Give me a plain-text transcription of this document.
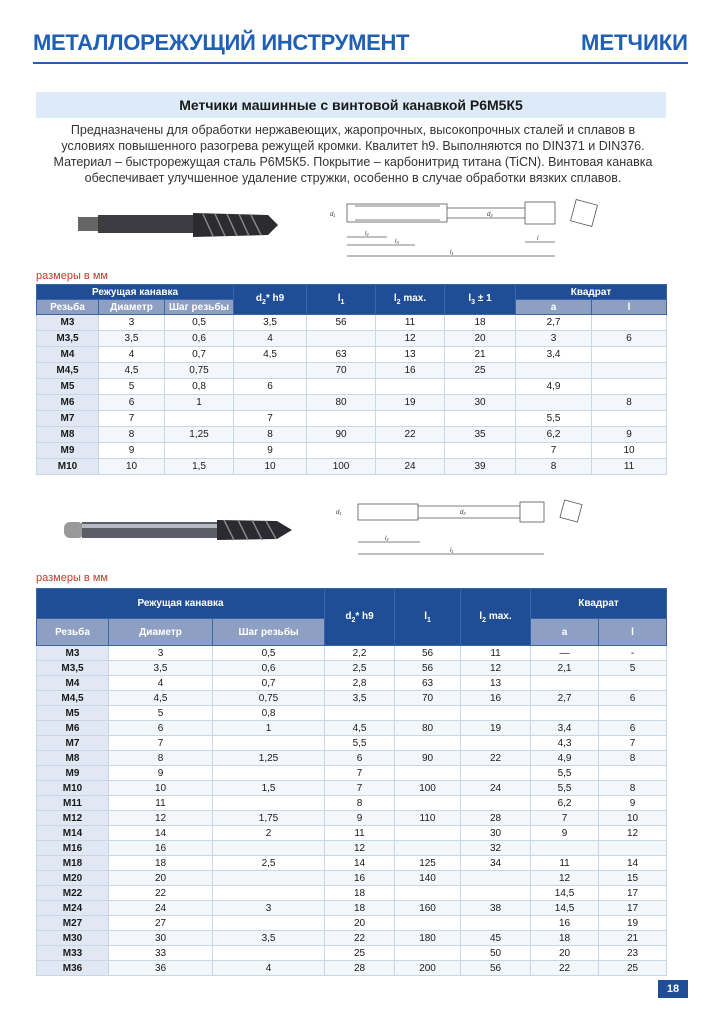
МЕТАЛЛОРЕЖУЩИЙ ИНСТРУМЕНТ	МЕТЧИКИ
Метчики машинные с винтовой канавкой Р6М5К5
Предназначены для обработки нержавеющих, жаропрочных, высокопрочных сталей и сплавов в условиях повышенного разогрева режущей кромки. Квалитет h9. Выполняются по DIN371 и DIN376. Материал – быстрорежущая сталь Р6М5К5. Покрытие – карбонитрид титана (TiCN). Винтовая канавка обеспечивает улучшенное удаление стружки, особенно в случае обработки вязких сплавов.
d₁	d₂
l₂
l₃
l₁
l
размеры в мм
Режущая канавка			$d_2*$ h9	$l_1$	$l_2$ max.	$l_3 \pm 1$	Квадрат	
Резьба	Диаметр	Шаг резьбы					a	l
M3	3	0,5	3,5	56	11	18	2,7	
M3,5	3,5	0,6	4		12	20	3	6
M4	4	0,7	4,5	63	13	21	3,4	
M4,5	4,5	0,75		70	16	25		
M5	5	0,8	6				4,9	
M6	6	1		80	19	30		8
M7	7		7				5,5	
M8	8	1,25	8	90	22	35	6,2	9
M9	9		9				7	10
M10	10	1,5	10	100	24	39	8	11
d₁	d₂
l₂
l₁
размеры в мм
Режущая канавка			$d_2*$ h9	$l_1$	$l_2$ max.	Квадрат	
Резьба	Диаметр	Шаг резьбы				a	l
M3	3	0,5	2,2	56	11	—	-
M3,5	3,5	0,6	2,5	56	12	2,1	5
M4	4	0,7	2,8	63	13		
M4,5	4,5	0,75	3,5	70	16	2,7	6
M5	5	0,8					
M6	6	1	4,5	80	19	3,4	6
M7	7		5,5			4,3	7
M8	8	1,25	6	90	22	4,9	8
M9	9		7			5,5	
M10	10	1,5	7	100	24	5,5	8
M11	11		8			6,2	9
M12	12	1,75	9	110	28	7	10
M14	14	2	11		30	9	12
M16	16		12		32		
M18	18	2,5	14	125	34	11	14
M20	20		16	140		12	15
M22	22		18			14,5	17
M24	24	3	18	160	38	14,5	17
M27	27		20			16	19
M30	30	3,5	22	180	45	18	21
M33	33		25		50	20	23
M36	36	4	28	200	56	22	25
18
